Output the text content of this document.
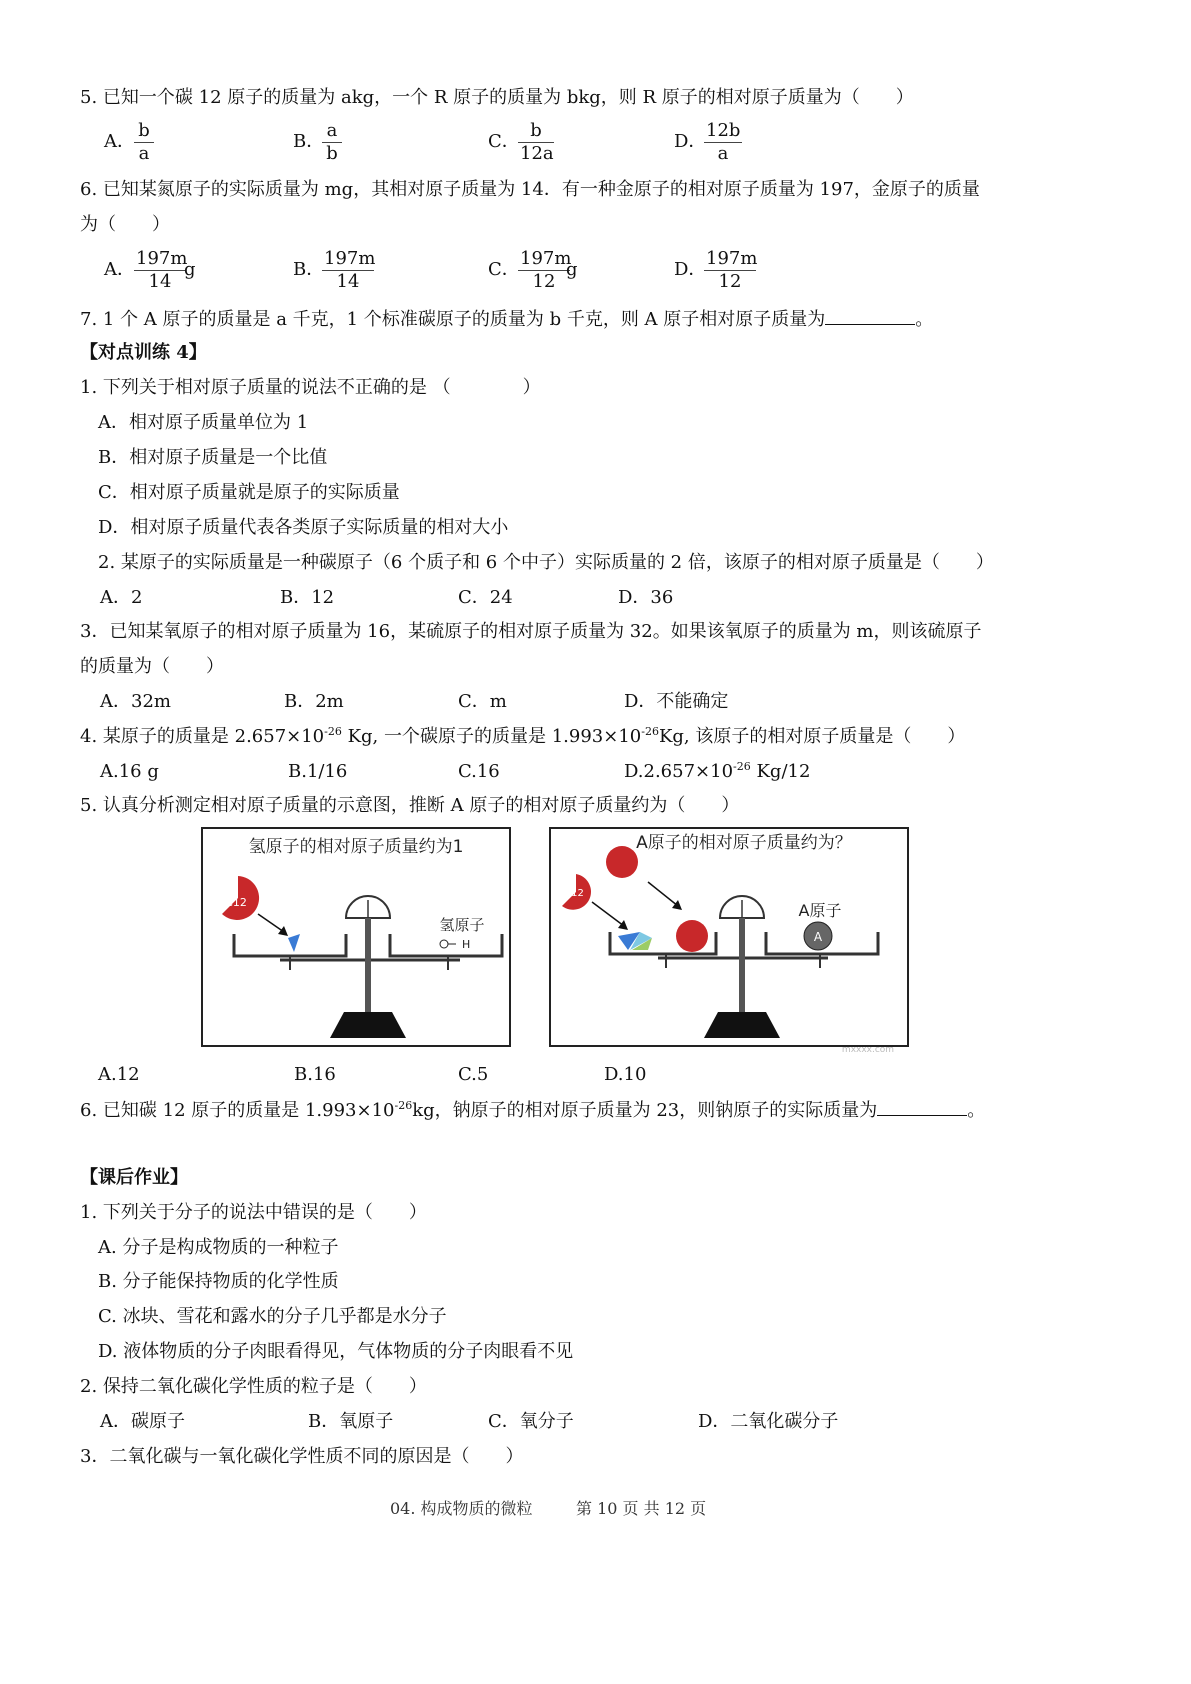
5. 已知一个碳 12 原子的质量为 akg，一个 R 原子的质量为 bkg，则 R 原子的相对原子质量为（　　）
A． $\frac{b}{a}$	B．
$\frac{a}{b}$	C．
$\frac{b}{12a}$	D．
$\frac{12b}{a}$
6. 已知某氮原子的实际质量为 mg，其相对原子质量为 14．有一种金原子的相对原子质量为 197，金原子的质量
为（　　）
A． $\frac{197m}{14}$
g	B．
$\frac{197m}{14}$	C．
$\frac{197m}{12}$
g	D．
$\frac{197m}{12}$
7. 1 个 A 原子的质量是 a 千克，1 个标准碳原子的质量为 b 千克，则 A 原子相对原子质量为	。
【对点训练 4】
1. 下列关于相对原子质量的说法不正确的是 （　　　　）
A．相对原子质量单位为 1
B．相对原子质量是一个比值
C．相对原子质量就是原子的实际质量
D．相对原子质量代表各类原子实际质量的相对大小
2. 某原子的实际质量是一种碳原子（6 个质子和 6 个中子）实际质量的 2 倍，该原子的相对原子质量是（　　）
A．2	B．12	C．24	D．36
3．已知某氧原子的相对原子质量为 16，某硫原子的相对原子质量为 32。如果该氧原子的质量为 m，则该硫原子
的质量为（　　）
A．32m	B．2m	C．m	D．不能确定
4. 某原子的质量是 $2.657\times 10^{-26}$ Kg, 一个碳原子的质量是 $1.993\times 10^{-26}Kg$, 该原子的相对原子质量是（　　）
A.16 g	B.1/16	C.16	$D.2.657\times 10^{-26}$ Kg/12
5. 认真分析测定相对原子质量的示意图，推断 A 原子的相对原子质量约为（　　）
氢原子的相对原子质量约为1
C12
氢原子
H
A原子的相对原子质量约为？
C12
A原子
A
mxxxx.com
A.12	B.16	C.5	D.10
6. 已知碳 12 原子的质量是 $1.993\times 10^{-26}kg$，钠原子的相对原子质量为 23，则钠原子的实际质量为	。
【课后作业】
1. 下列关于分子的说法中错误的是（　　）
A. 分子是构成物质的一种粒子
B. 分子能保持物质的化学性质
C. 冰块、雪花和露水的分子几乎都是水分子
D. 液体物质的分子肉眼看得见，气体物质的分子肉眼看不见
2. 保持二氧化碳化学性质的粒子是（　　）
A．碳原子	B．氧原子	C．氧分子	D．二氧化碳分子
3．二氧化碳与一氧化碳化学性质不同的原因是（　　）
04. 构成物质的微粒	第 10 页 共 12 页
